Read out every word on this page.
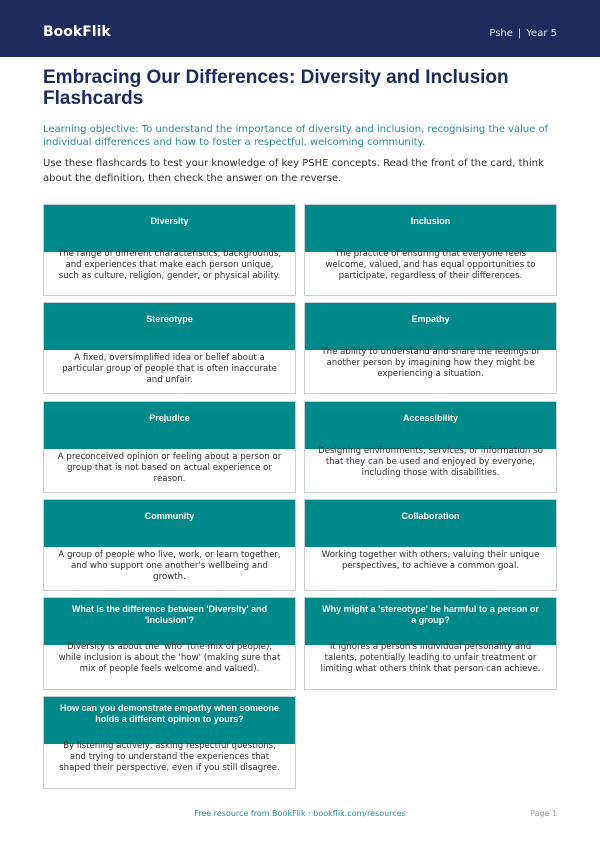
BookFlik	Pshe | Year 5
Embracing Our Differences: Diversity and Inclusion Flashcards

Learning objective: To understand the importance of diversity and inclusion, recognising the value of individual differences and how to foster a respectful, welcoming community.

Use these flashcards to test your knowledge of key PSHE concepts. Read the front of the card, think about the definition, then check the answer on the reverse.

Diversity
The range of different characteristics, backgrounds, and experiences that make each person unique, such as culture, religion, gender, or physical ability.
Inclusion
The practice of ensuring that everyone feels welcome, valued, and has equal opportunities to participate, regardless of their differences.
Stereotype
A fixed, oversimplified idea or belief about a particular group of people that is often inaccurate and unfair.
Empathy
The ability to understand and share the feelings of another person by imagining how they might be experiencing a situation.
Prejudice
A preconceived opinion or feeling about a person or group that is not based on actual experience or reason.
Accessibility
Designing environments, services, or information so that they can be used and enjoyed by everyone, including those with disabilities.
Community
A group of people who live, work, or learn together, and who support one another's wellbeing and growth.
Collaboration
Working together with others, valuing their unique perspectives, to achieve a common goal.
What is the difference between 'Diversity' and 'Inclusion'?
Diversity is about the 'who' (the mix of people), while inclusion is about the 'how' (making sure that mix of people feels welcome and valued).
Why might a 'stereotype' be harmful to a person or a group?
It ignores a person's individual personality and talents, potentially leading to unfair treatment or limiting what others think that person can achieve.
How can you demonstrate empathy when someone holds a different opinion to yours?
By listening actively, asking respectful questions, and trying to understand the experiences that shaped their perspective, even if you still disagree.
Free resource from BookFlik · bookflik.com/resources	Page 1
